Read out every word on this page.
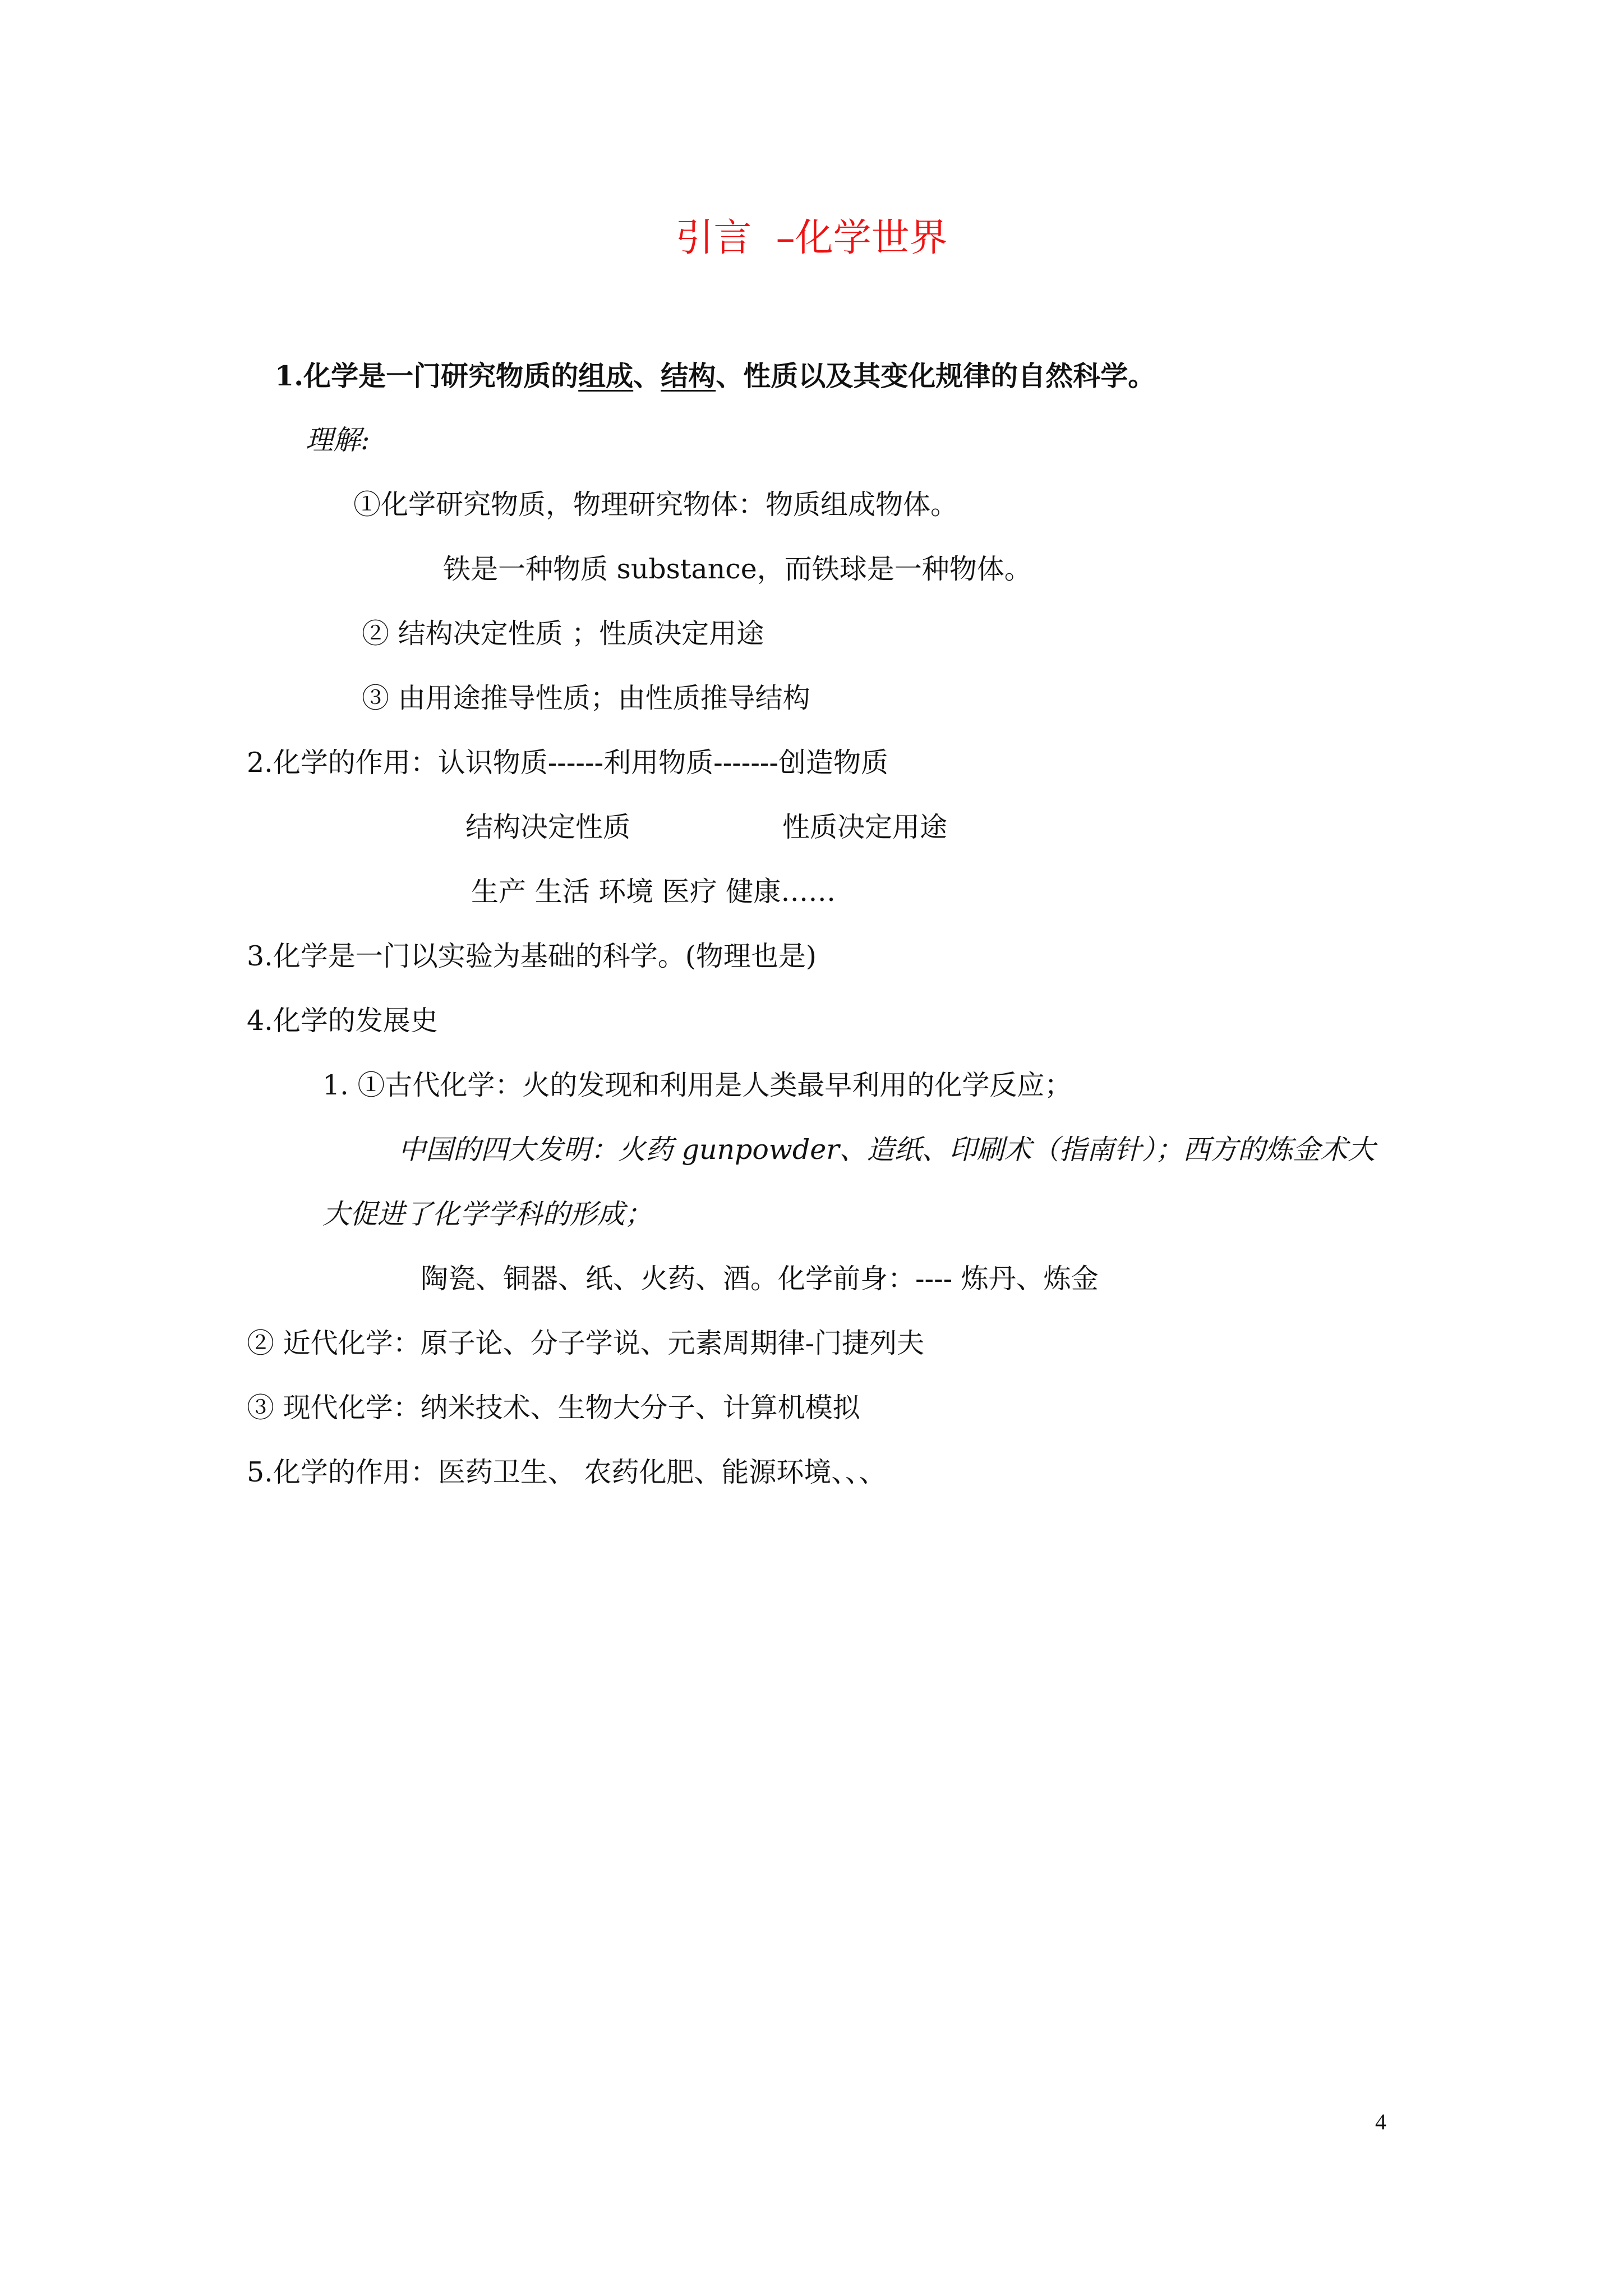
引言  –化学世界
1.化学是一门研究物质的组成、结构、性质以及其变化规律的自然科学。
理解:
①化学研究物质，物理研究物体：物质组成物体。
铁是一种物质 substance，而铁球是一种物体。
② 结构决定性质 ；性质决定用途
③ 由用途推导性质；由性质推导结构
2.化学的作用：认识物质------利用物质-------创造物质
结构决定性质	性质决定用途
生产 生活 环境 医疗 健康……
3.化学是一门以实验为基础的科学。(物理也是)
4.化学的发展史
1. ①古代化学：火的发现和利用是人类最早利用的化学反应；
中国的四大发明：火药 gunpowder、造纸、印刷术（指南针）；西方的炼金术大
大促进了化学学科的形成；
陶瓷、铜器、纸、火药、酒。化学前身：---- 炼丹、炼金
② 近代化学：原子论、分子学说、元素周期律-门捷列夫
③ 现代化学：纳米技术、生物大分子、计算机模拟
5.化学的作用：医药卫生、 农药化肥、能源环境、、、
4
